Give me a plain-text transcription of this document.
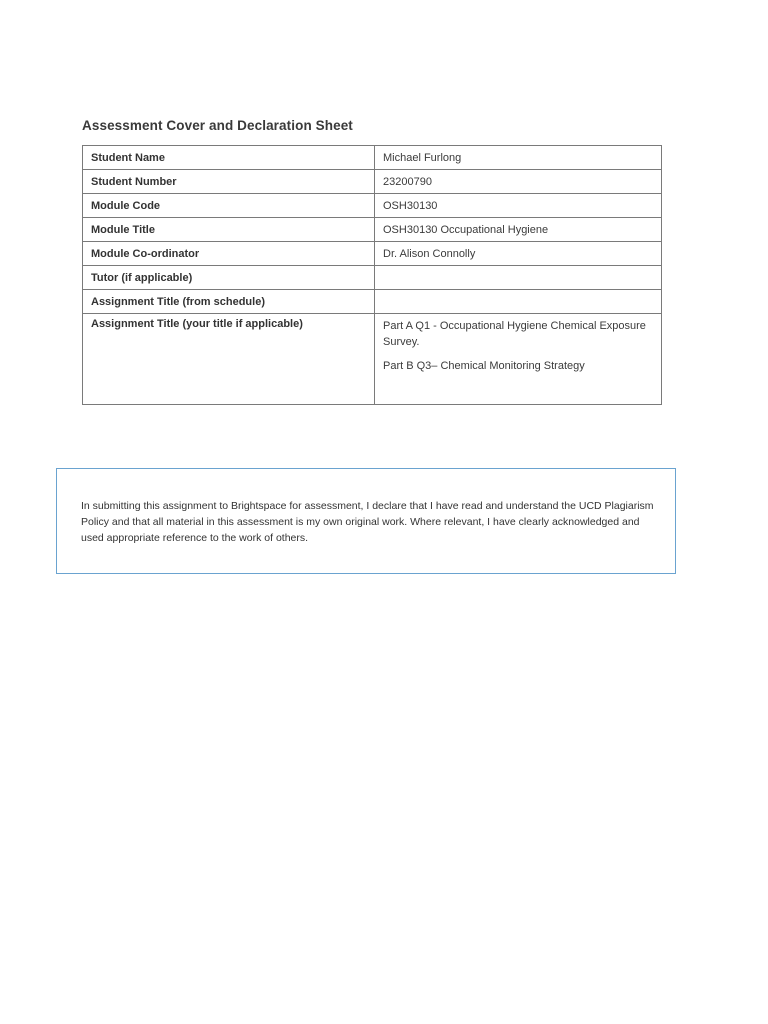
Assessment Cover and Declaration Sheet
Student Name	Michael Furlong
Student Number	23200790
Module Code	OSH30130
Module Title	OSH30130 Occupational Hygiene
Module Co-ordinator	Dr. Alison Connolly
Tutor (if applicable)	
Assignment Title (from schedule)	
Assignment Title (your title if applicable)	Part A Q1 - Occupational Hygiene Chemical Exposure Survey.

Part B Q3– Chemical Monitoring Strategy

In submitting this assignment to Brightspace for assessment, I declare that I have read and understand the UCD Plagiarism Policy and that all material in this assessment is my own original work. Where relevant, I have clearly acknowledged and used appropriate reference to the work of others.
